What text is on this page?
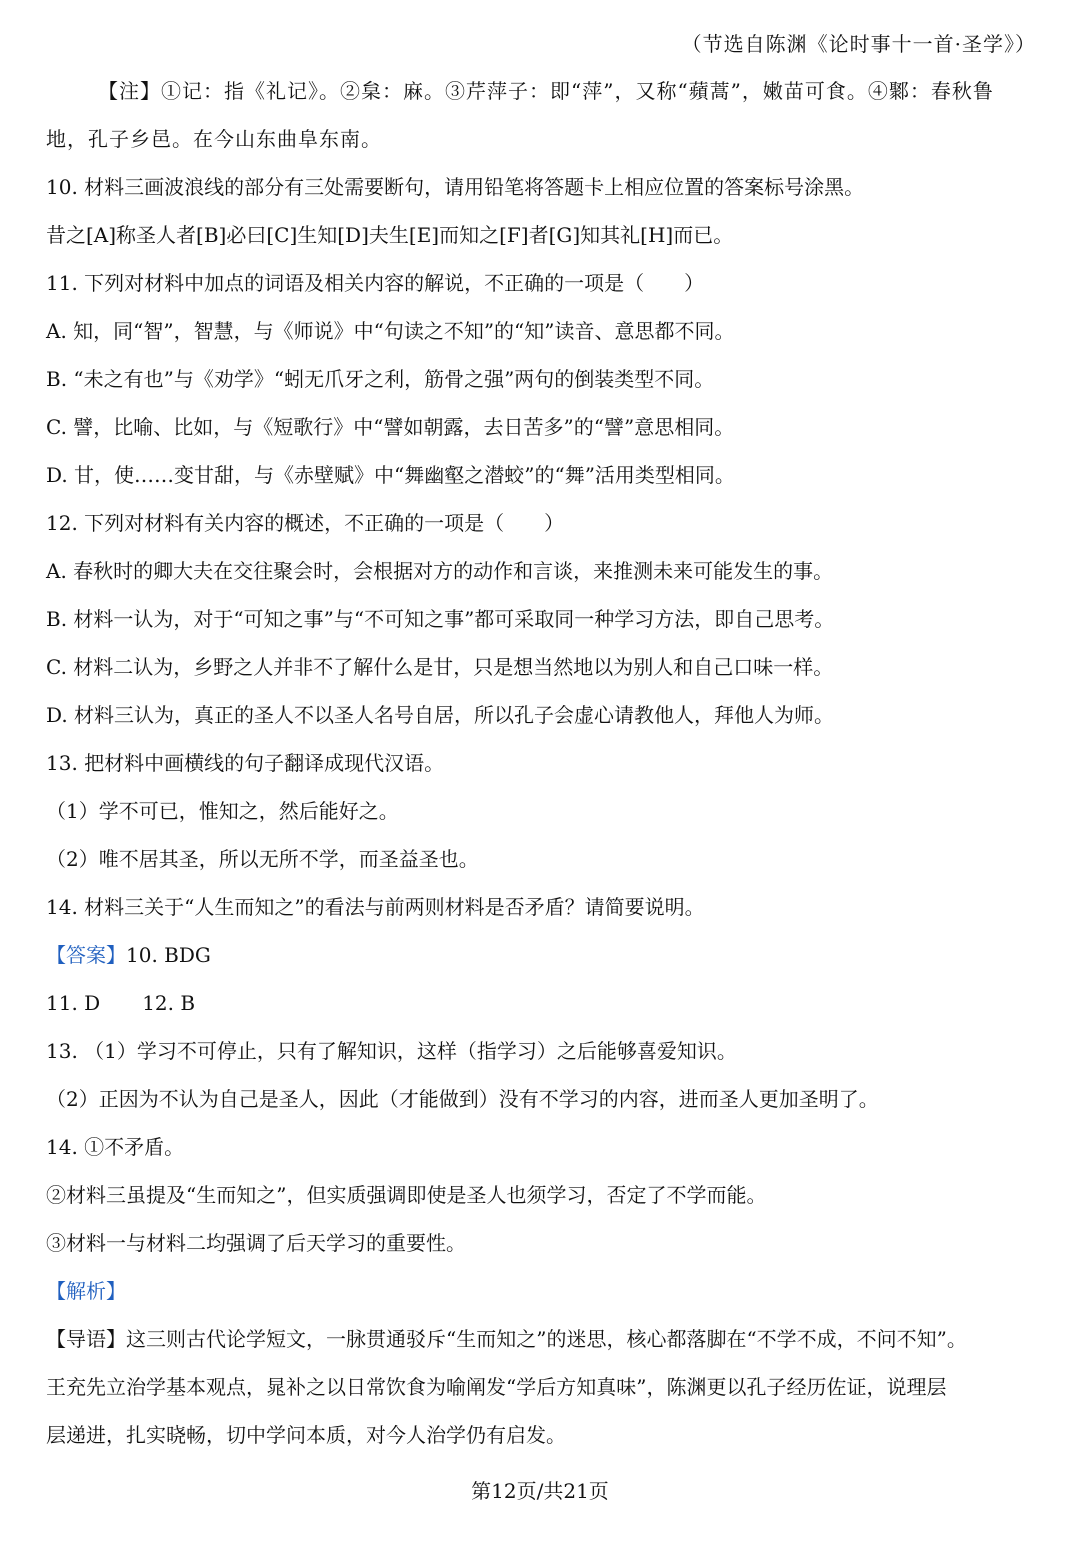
（节选自陈渊《论时事十一首·圣学》）
【注】①记：指《礼记》。②枲：麻。③芹萍子：即“萍”，又称“蘋蒿”，嫩苗可食。④鄹：春秋鲁
地，孔子乡邑。在今山东曲阜东南。
10. 材料三画波浪线的部分有三处需要断句，请用铅笔将答题卡上相应位置的答案标号涂黑。
昔之[A]称圣人者[B]必曰[C]生知[D]夫生[E]而知之[F]者[G]知其礼[H]而已。
11. 下列对材料中加点的词语及相关内容的解说，不正确的一项是（　　）
A. 知，同“智”，智慧，与《师说》中“句读之不知”的“知”读音、意思都不同。
B. “未之有也”与《劝学》“蚓无爪牙之利，筋骨之强”两句的倒装类型不同。
C. 譬，比喻、比如，与《短歌行》中“譬如朝露，去日苦多”的“譬”意思相同。
D. 甘，使……变甘甜，与《赤壁赋》中“舞幽壑之潜蛟”的“舞”活用类型相同。
12. 下列对材料有关内容的概述，不正确的一项是（　　）
A. 春秋时的卿大夫在交往聚会时，会根据对方的动作和言谈，来推测未来可能发生的事。
B. 材料一认为，对于“可知之事”与“不可知之事”都可采取同一种学习方法，即自己思考。
C. 材料二认为，乡野之人并非不了解什么是甘，只是想当然地以为别人和自己口味一样。
D. 材料三认为，真正的圣人不以圣人名号自居，所以孔子会虚心请教他人，拜他人为师。
13. 把材料中画横线的句子翻译成现代汉语。
（1）学不可已，惟知之，然后能好之。
（2）唯不居其圣，所以无所不学，而圣益圣也。
14. 材料三关于“人生而知之”的看法与前两则材料是否矛盾？请简要说明。
【答案】10. BDG
11. D 12. B
13. （1）学习不可停止，只有了解知识，这样（指学习）之后能够喜爱知识。
（2）正因为不认为自己是圣人，因此（才能做到）没有不学习的内容，进而圣人更加圣明了。
14. ①不矛盾。
②材料三虽提及“生而知之”，但实质强调即使是圣人也须学习，否定了不学而能。
③材料一与材料二均强调了后天学习的重要性。
【解析】
【导语】这三则古代论学短文，一脉贯通驳斥“生而知之”的迷思，核心都落脚在“不学不成，不问不知”。
王充先立治学基本观点，晁补之以日常饮食为喻阐发“学后方知真味”，陈渊更以孔子经历佐证，说理层
层递进，扎实晓畅，切中学问本质，对今人治学仍有启发。
第12页/共21页
